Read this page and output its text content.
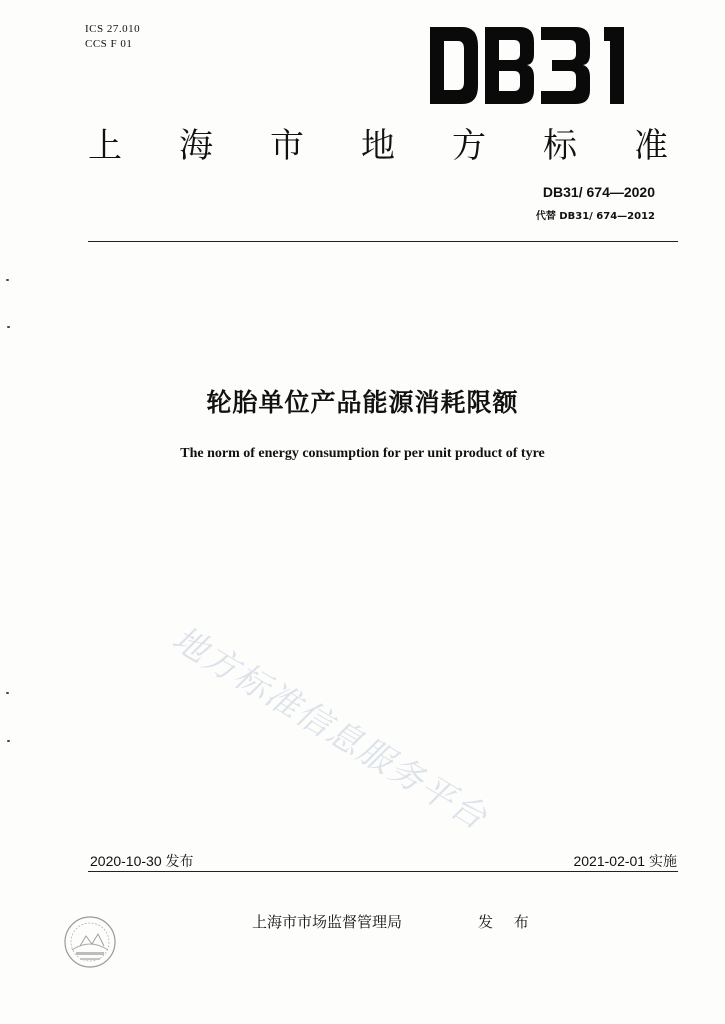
ICS 27.010
CCS F 01
上 海 市 地 方 标 准
DB31/ 674—2020
代替 DB31/ 674—2012
轮胎单位产品能源消耗限额
The norm of energy consumption for per unit product of tyre
地方标准信息服务平台
2020-10-30 发布	2021-02-01 实施
上海市市场监督管理局	发 布
